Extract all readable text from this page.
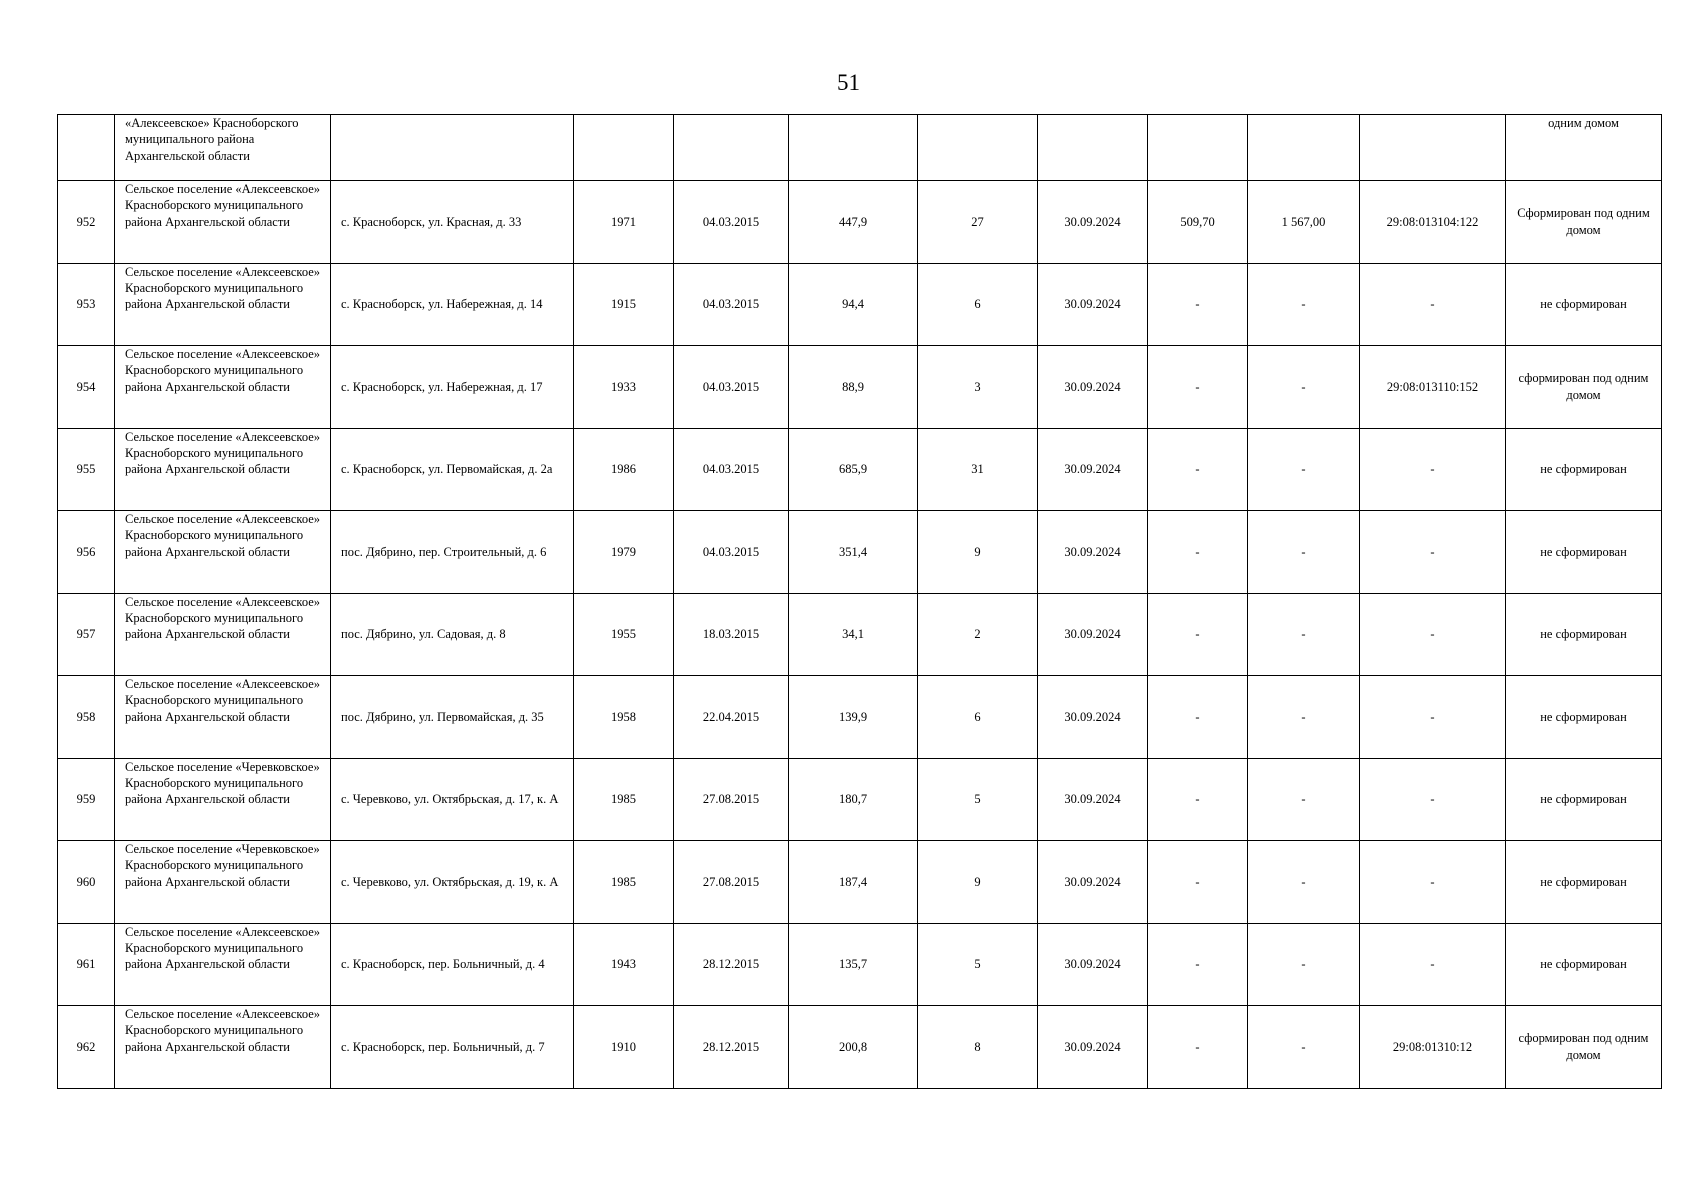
51
	«Алексеевское» Красноборского муниципального района Архангельской области										одним домом
952	Сельское поселение «Алексеевское» Красноборского муниципального района Архангельской области	с. Красноборск, ул. Красная, д. 33	1971	04.03.2015	447,9	27	30.09.2024	509,70	1 567,00	29:08:013104:122	Сформирован под одним домом
953	Сельское поселение «Алексеевское» Красноборского муниципального района Архангельской области	с. Красноборск, ул. Набережная, д. 14	1915	04.03.2015	94,4	6	30.09.2024	-	-	-	не сформирован
954	Сельское поселение «Алексеевское» Красноборского муниципального района Архангельской области	с. Красноборск, ул. Набережная, д. 17	1933	04.03.2015	88,9	3	30.09.2024	-	-	29:08:013110:152	сформирован под одним домом
955	Сельское поселение «Алексеевское» Красноборского муниципального района Архангельской области	с. Красноборск, ул. Первомайская, д. 2а	1986	04.03.2015	685,9	31	30.09.2024	-	-	-	не сформирован
956	Сельское поселение «Алексеевское» Красноборского муниципального района Архангельской области	пос. Дябрино, пер. Строительный, д. 6	1979	04.03.2015	351,4	9	30.09.2024	-	-	-	не сформирован
957	Сельское поселение «Алексеевское» Красноборского муниципального района Архангельской области	пос. Дябрино, ул. Садовая, д. 8	1955	18.03.2015	34,1	2	30.09.2024	-	-	-	не сформирован
958	Сельское поселение «Алексеевское» Красноборского муниципального района Архангельской области	пос. Дябрино, ул. Первомайская, д. 35	1958	22.04.2015	139,9	6	30.09.2024	-	-	-	не сформирован
959	Сельское поселение «Черевковское» Красноборского муниципального района Архангельской области	с. Черевково, ул. Октябрьская, д. 17, к. А	1985	27.08.2015	180,7	5	30.09.2024	-	-	-	не сформирован
960	Сельское поселение «Черевковское» Красноборского муниципального района Архангельской области	с. Черевково, ул. Октябрьская, д. 19, к. А	1985	27.08.2015	187,4	9	30.09.2024	-	-	-	не сформирован
961	Сельское поселение «Алексеевское» Красноборского муниципального района Архангельской области	с. Красноборск, пер. Больничный, д. 4	1943	28.12.2015	135,7	5	30.09.2024	-	-	-	не сформирован
962	Сельское поселение «Алексеевское» Красноборского муниципального района Архангельской области	с. Красноборск, пер. Больничный, д. 7	1910	28.12.2015	200,8	8	30.09.2024	-	-	29:08:01310:12	сформирован под одним домом
